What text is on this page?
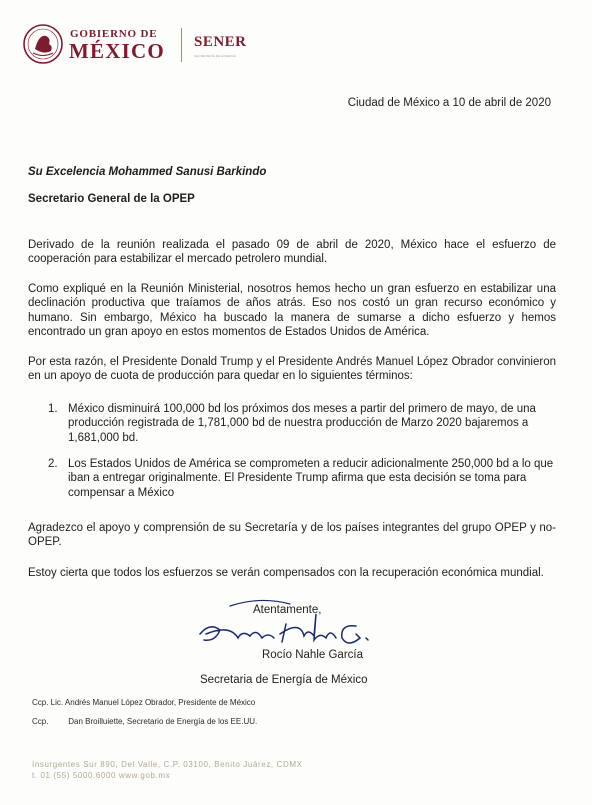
GOBIERNO DE
MÉXICO SENER
SECRETARÍA DE ENERGÍA
Ciudad de México a 10 de abril de 2020
Su Excelencia Mohammed Sanusi Barkindo
Secretario General de la OPEP
Derivado de la reunión realizada el pasado 09 de abril de 2020, México hace el esfuerzo de cooperación para estabilizar el mercado petrolero mundial.
Como expliqué en la Reunión Ministerial, nosotros hemos hecho un gran esfuerzo en estabilizar una declinación productiva que traíamos de años atrás. Eso nos costó un gran recurso económico y humano. Sin embargo, México ha buscado la manera de sumarse a dicho esfuerzo y hemos encontrado un gran apoyo en estos momentos de Estados Unidos de América.
Por esta razón, el Presidente Donald Trump y el Presidente Andrés Manuel López Obrador convinieron en un apoyo de cuota de producción para quedar en lo siguientes términos:
1. México disminuirá 100,000 bd los próximos dos meses a partir del primero de mayo, de una producción registrada de 1,781,000 bd de nuestra producción de Marzo 2020 bajaremos a 1,681,000 bd.
2. Los Estados Unidos de América se comprometen a reducir adicionalmente 250,000 bd a lo que iban a entregar originalmente. El Presidente Trump afirma que esta decisión se toma para compensar a México
Agradezco el apoyo y comprensión de su Secretaría y de los países integrantes del grupo OPEP y no-OPEP.
Estoy cierta que todos los esfuerzos se verán compensados con la recuperación económica mundial.
Atentamente,
Rocío Nahle García
Secretaria de Energía de México
Ccp. Lic. Andrés Manuel López Obrador, Presidente de México
Ccp. Dan Broilluiette, Secretario de Energía de los EE.UU.
Insurgentes Sur 890, Del Valle, C.P. 03100, Benito Juárez, CDMX
t. 01 (55) 5000.6000 www.gob.mx
